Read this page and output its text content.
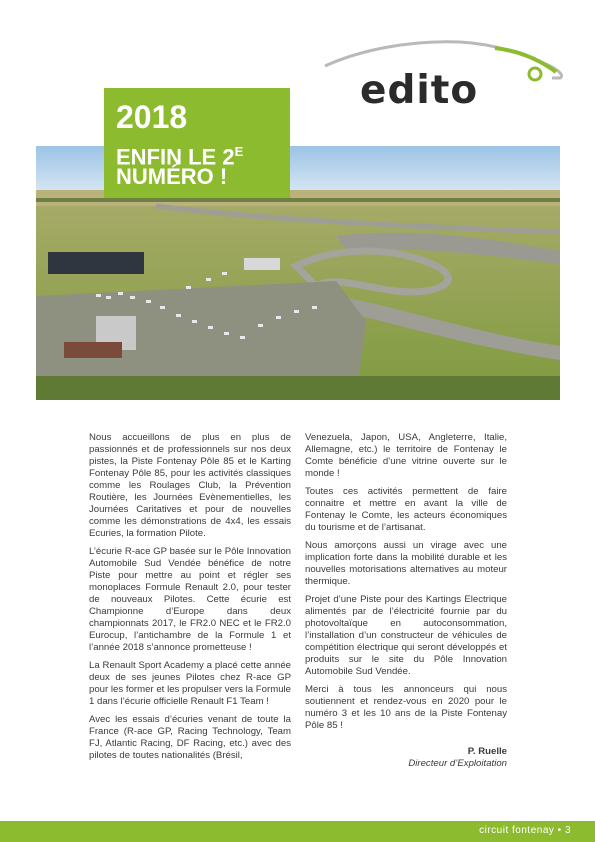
edito
2018
ENFIN LE $2^E$
NUMÉRO !

Nous accueillons de plus en plus de passionnés et de professionnels sur nos deux pistes, la Piste Fontenay Pôle 85 et le Karting Fontenay Pôle 85, pour les activités classiques comme les Roulages Club, la Prévention Routière, les Journées Evènementielles, les Journées Caritatives et pour de nouvelles comme les démonstrations de 4x4, les essais Ecuries, la formation Pilote.

L’écurie R-ace GP basée sur le Pôle Innovation Automobile Sud Vendée bénéfice de notre Piste pour mettre au point et régler ses monoplaces Formule Renault 2.0, pour tester de nouveaux Pilotes. Cette écurie est Championne d’Europe dans deux championnats 2017, le FR2.0 NEC et le FR2.0 Eurocup, l’antichambre de la Formule 1 et l’année 2018 s’annonce prometteuse !

La Renault Sport Academy a placé cette année deux de ses jeunes Pilotes chez R-ace GP pour les former et les propulser vers la Formule 1 dans l’écurie officielle Renault F1 Team !

Avec les essais d’écuries venant de toute la France (R-ace GP, Racing Technology, Team FJ, Atlantic Racing, DF Racing, etc.) avec des pilotes de toutes nationalités (Brésil,

Venezuela, Japon, USA, Angleterre, Italie, Allemagne, etc.) le territoire de Fontenay le Comte bénéficie d’une vitrine ouverte sur le monde !

Toutes ces activités permettent de faire connaitre et mettre en avant la ville de Fontenay le Comte, les acteurs économiques du tourisme et de l’artisanat.

Nous amorçons aussi un virage avec une implication forte dans la mobilité durable et les nouvelles motorisations alternatives au moteur thermique.

Projet d’une Piste pour des Kartings Electrique alimentés par de l’électricité fournie par du photovoltaïque en autoconsommation, l’installation d’un constructeur de véhicules de compétition électrique qui seront développés et produits sur le site du Pôle Innovation Automobile Sud Vendée.

Merci à tous les annonceurs qui nous soutiennent et rendez-vous en 2020 pour le numéro 3 et les 10 ans de la Piste Fontenay Pôle 85 !

P. Ruelle

Directeur d’Exploitation

circuit fontenay • 3
